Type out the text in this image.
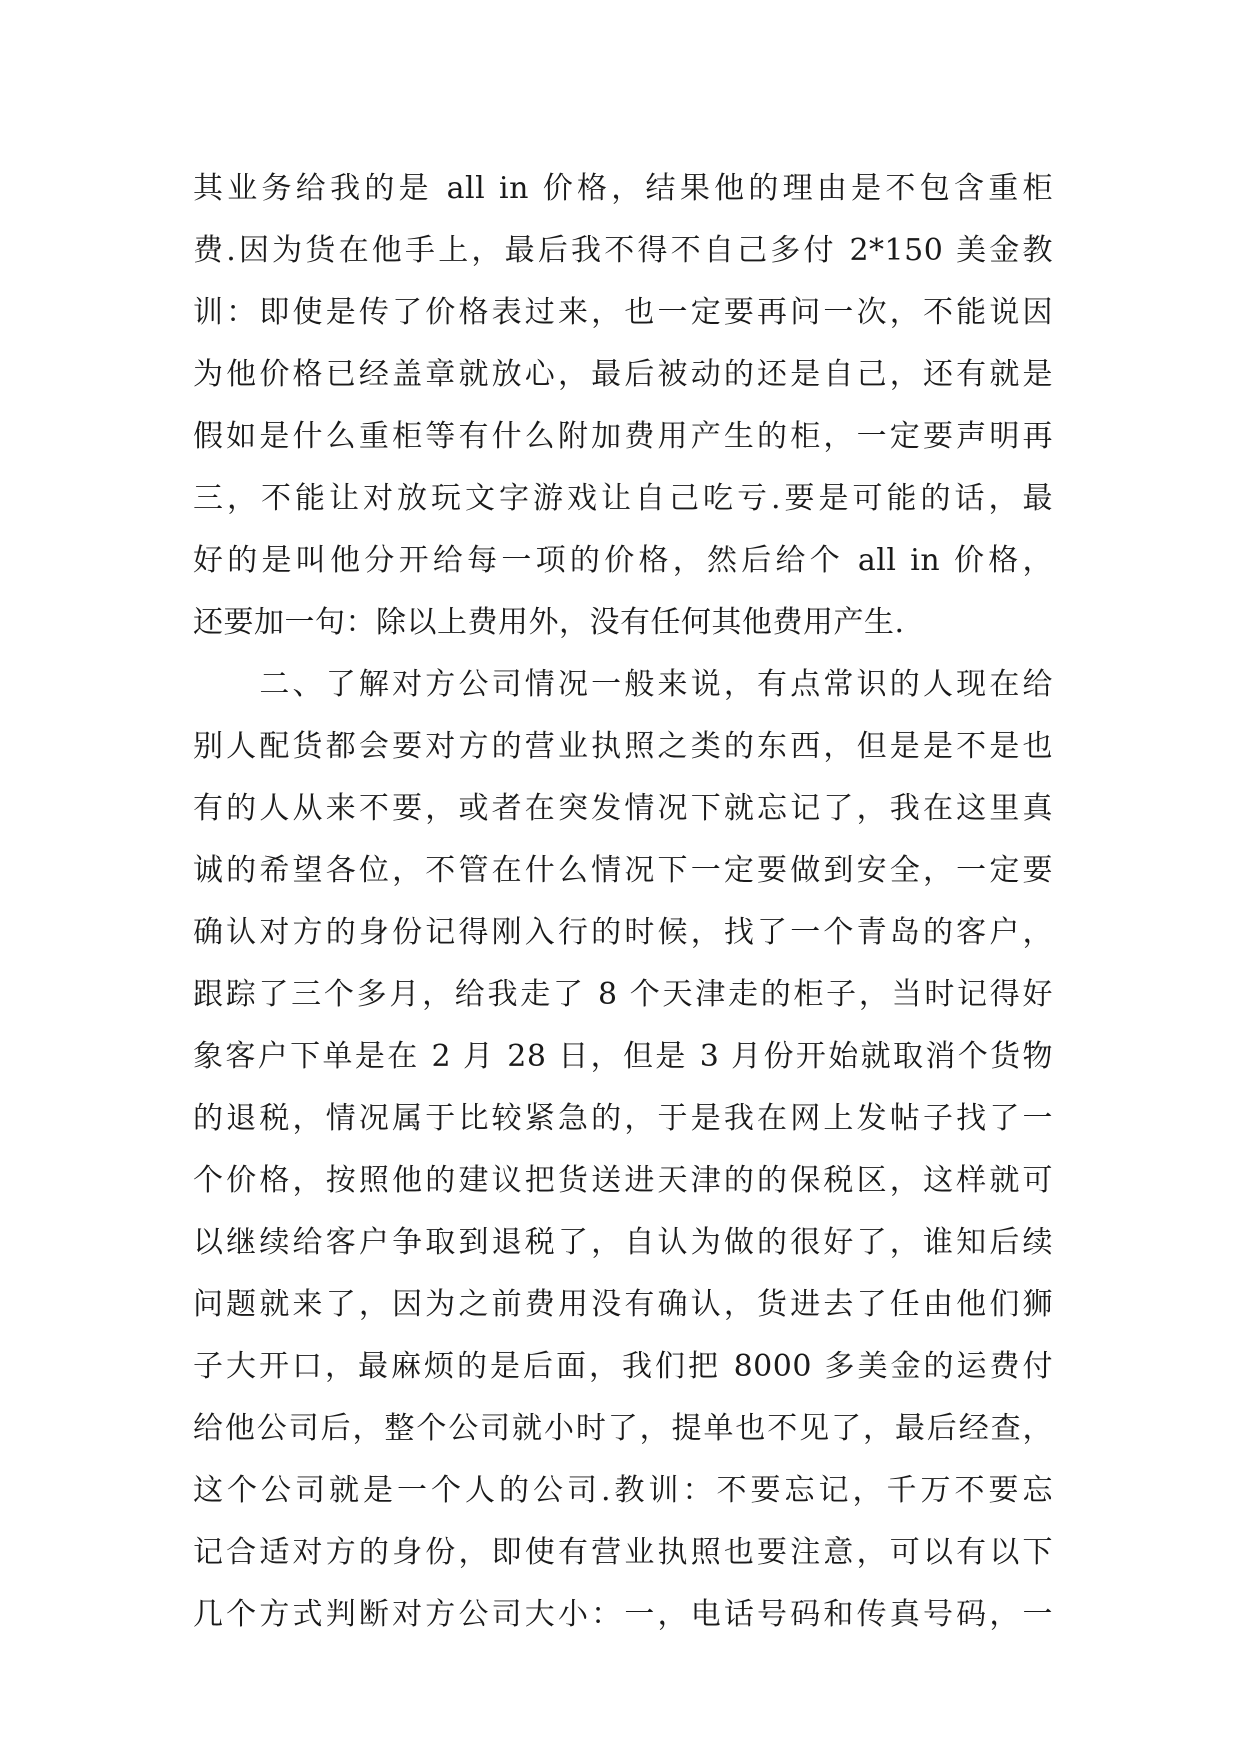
其业务给我的是 all in 价格，结果他的理由是不包含重柜
费.因为货在他手上，最后我不得不自己多付 2*150 美金教
训：即使是传了价格表过来，也一定要再问一次，不能说因
为他价格已经盖章就放心，最后被动的还是自己，还有就是
假如是什么重柜等有什么附加费用产生的柜，一定要声明再
三，不能让对放玩文字游戏让自己吃亏.要是可能的话，最
好的是叫他分开给每一项的价格，然后给个 all in 价格，
还要加一句：除以上费用外，没有任何其他费用产生.
　　二、了解对方公司情况一般来说，有点常识的人现在给
别人配货都会要对方的营业执照之类的东西，但是是不是也
有的人从来不要，或者在突发情况下就忘记了，我在这里真
诚的希望各位，不管在什么情况下一定要做到安全，一定要
确认对方的身份记得刚入行的时候，找了一个青岛的客户，
跟踪了三个多月，给我走了 8 个天津走的柜子，当时记得好
象客户下单是在 2 月 28 日，但是 3 月份开始就取消个货物
的退税，情况属于比较紧急的，于是我在网上发帖子找了一
个价格，按照他的建议把货送进天津的的保税区，这样就可
以继续给客户争取到退税了，自认为做的很好了，谁知后续
问题就来了，因为之前费用没有确认，货进去了任由他们狮
子大开口，最麻烦的是后面，我们把 8000 多美金的运费付
给他公司后，整个公司就小时了，提单也不见了，最后经查，
这个公司就是一个人的公司.教训：不要忘记，千万不要忘
记合适对方的身份，即使有营业执照也要注意，可以有以下
几个方式判断对方公司大小：一，电话号码和传真号码，一
